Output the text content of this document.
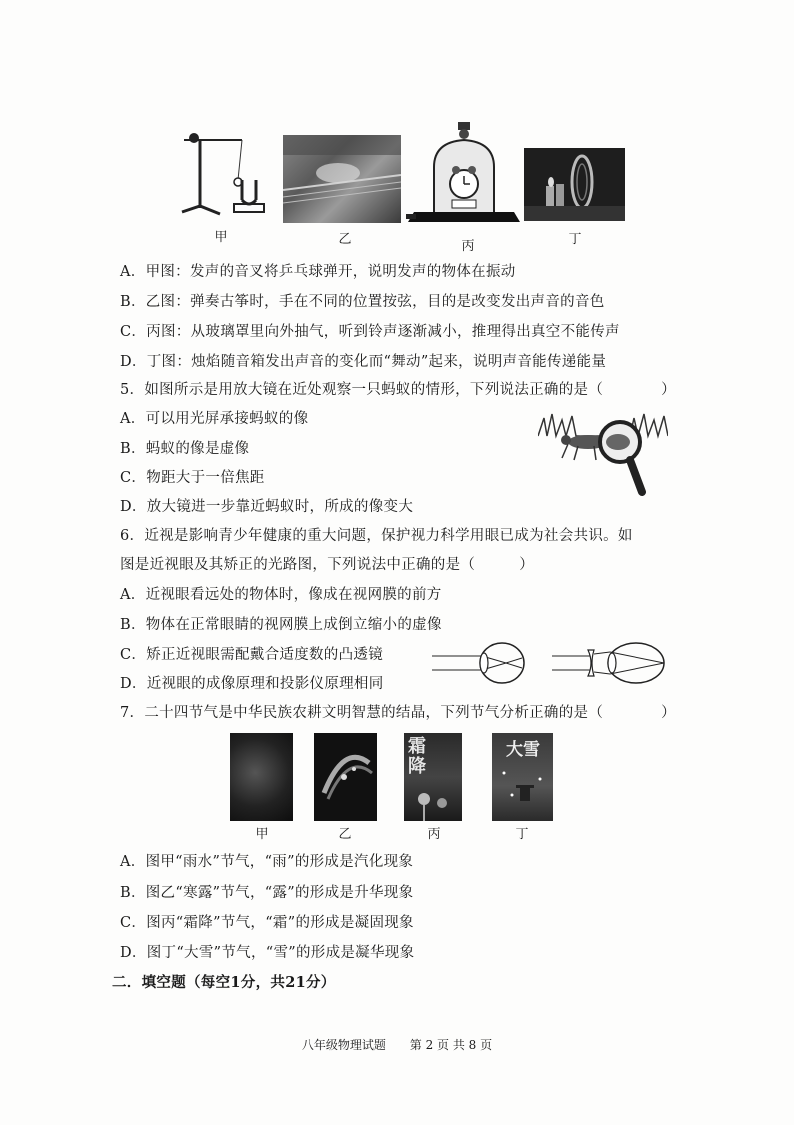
甲	乙	丙	丁
A．甲图：发声的音叉将乒乓球弹开，说明发声的物体在振动
B．乙图：弹奏古筝时，手在不同的位置按弦，目的是改变发出声音的音色
C．丙图：从玻璃罩里向外抽气，听到铃声逐渐减小，推理得出真空不能传声
D．丁图：烛焰随音箱发出声音的变化而“舞动”起来，说明声音能传递能量
5．如图所示是用放大镜在近处观察一只蚂蚁的情形，下列说法正确的是（	）
A．可以用光屏承接蚂蚁的像
B．蚂蚁的像是虚像
C．物距大于一倍焦距
D．放大镜进一步靠近蚂蚁时，所成的像变大
6．近视是影响青少年健康的重大问题，保护视力科学用眼已成为社会共识。如
图是近视眼及其矫正的光路图，下列说法中正确的是（	）
A．近视眼看远处的物体时，像成在视网膜的前方
B．物体在正常眼睛的视网膜上成倒立缩小的虚像
C．矫正近视眼需配戴合适度数的凸透镜
D．近视眼的成像原理和投影仪原理相同
7．二十四节气是中华民族农耕文明智慧的结晶，下列节气分析正确的是（	）
霜降
大雪
甲	乙	丙	丁
A．图甲“雨水”节气，“雨”的形成是汽化现象
B．图乙“寒露”节气，“露”的形成是升华现象
C．图丙“霜降”节气，“霜”的形成是凝固现象
D．图丁“大雪”节气，“雪”的形成是凝华现象
二．填空题（每空1分，共21分）
八年级物理试题 第 2 页 共 8 页
